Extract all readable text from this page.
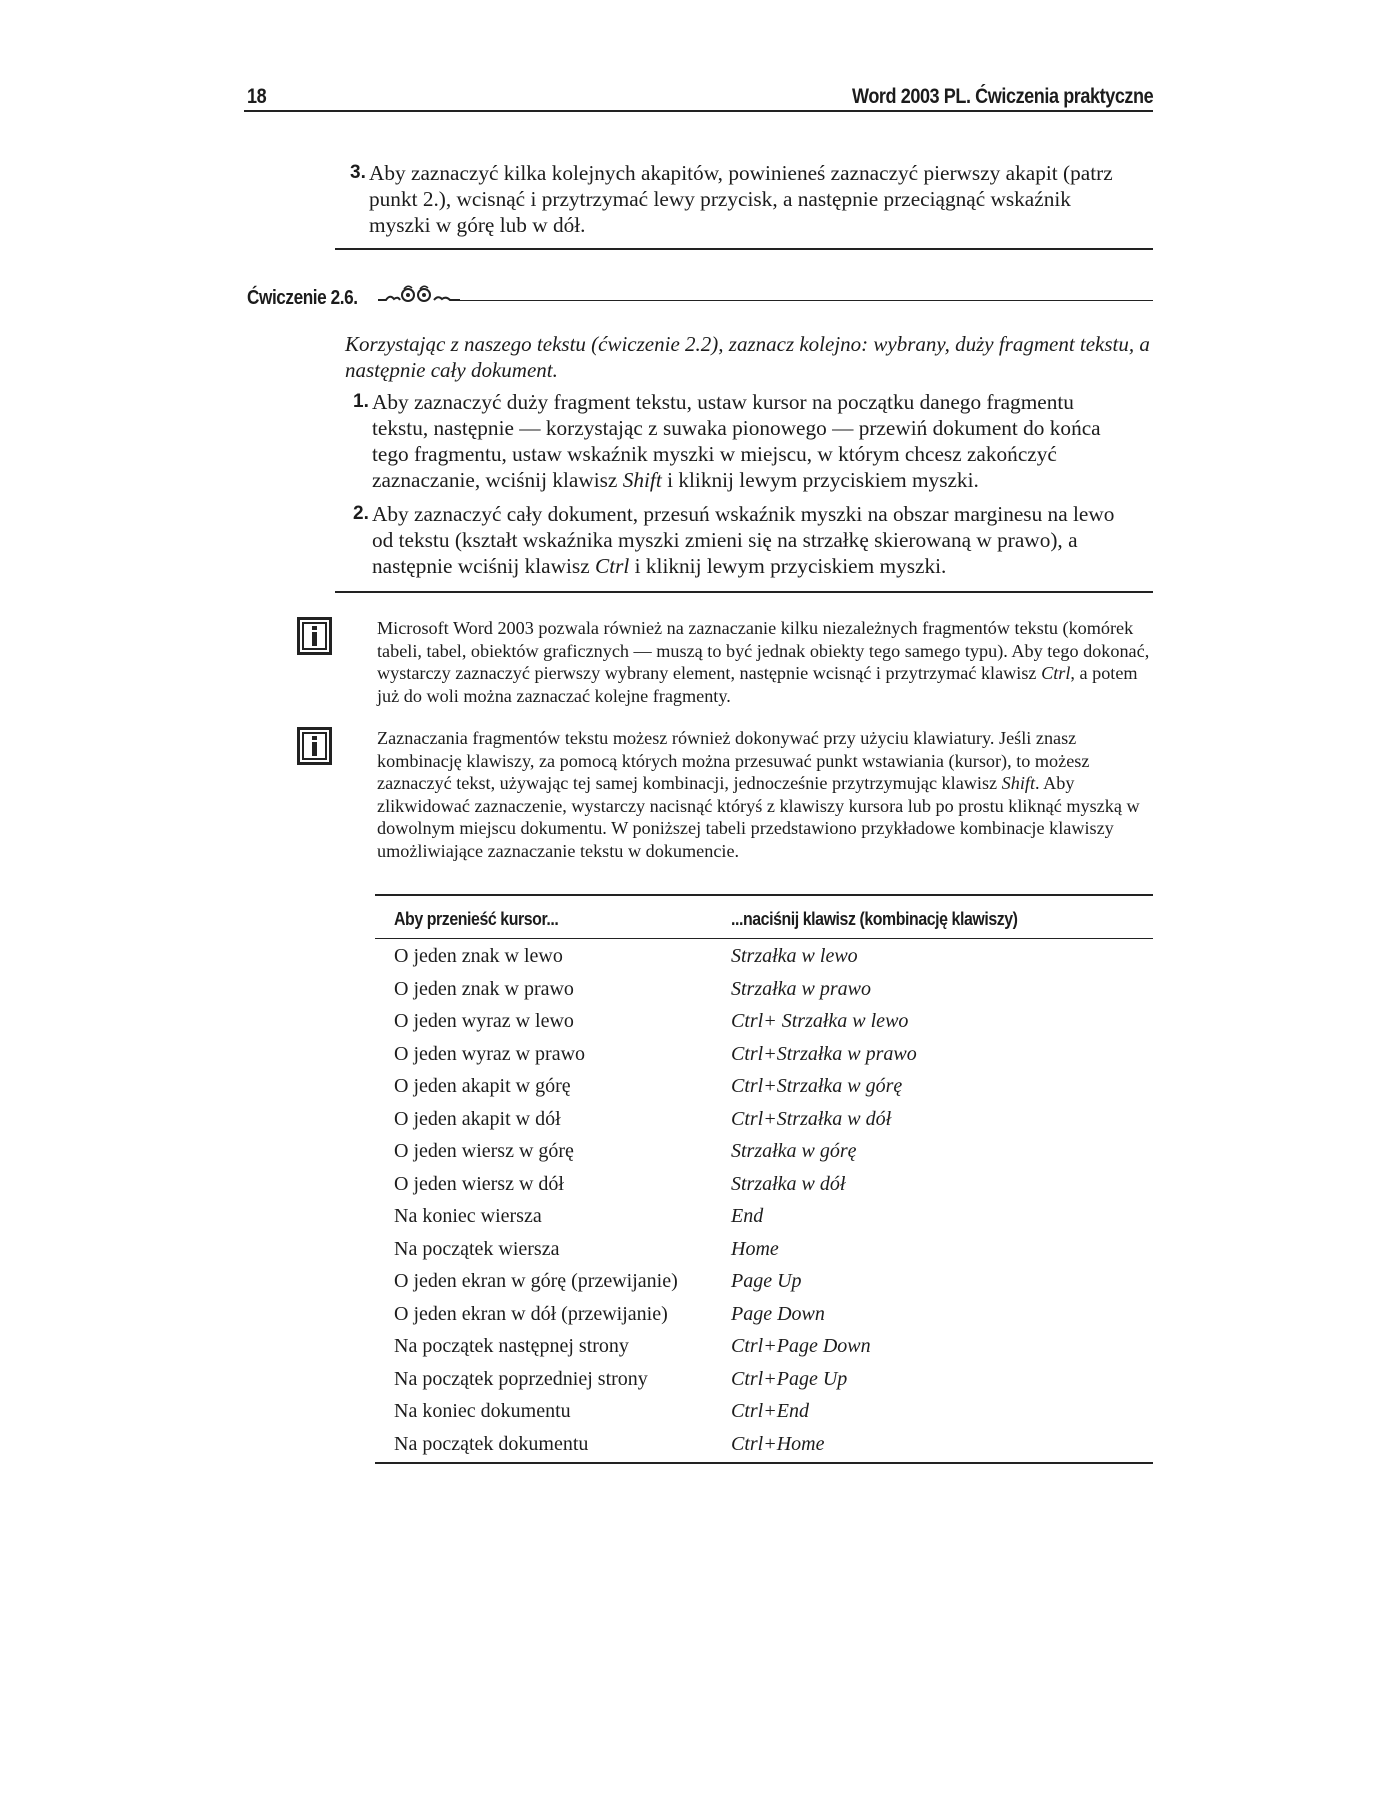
18	Word 2003 PL. Ćwiczenia praktyczne
3. Aby zaznaczyć kilka kolejnych akapitów, powinieneś zaznaczyć pierwszy akapit (patrz punkt 2.), wcisnąć i przytrzymać lewy przycisk, a następnie przeciągnąć wskaźnik myszki w górę lub w dół.

Ćwiczenie 2.6.

Korzystając z naszego tekstu (ćwiczenie 2.2), zaznacz kolejno: wybrany, duży fragment tekstu, a następnie cały dokument.

1. Aby zaznaczyć duży fragment tekstu, ustaw kursor na początku danego fragmentu tekstu, następnie — korzystając z suwaka pionowego — przewiń dokument do końca tego fragmentu, ustaw wskaźnik myszki w miejscu, w którym chcesz zakończyć zaznaczanie, wciśnij klawisz Shift i kliknij lewym przyciskiem myszki.

2. Aby zaznaczyć cały dokument, przesuń wskaźnik myszki na obszar marginesu na lewo od tekstu (kształt wskaźnika myszki zmieni się na strzałkę skierowaną w prawo), a następnie wciśnij klawisz Ctrl i kliknij lewym przyciskiem myszki.

Microsoft Word 2003 pozwala również na zaznaczanie kilku niezależnych fragmentów tekstu (komórek tabeli, tabel, obiektów graficznych — muszą to być jednak obiekty tego samego typu). Aby tego dokonać, wystarczy zaznaczyć pierwszy wybrany element, następnie wcisnąć i przytrzymać klawisz Ctrl, a potem już do woli można zaznaczać kolejne fragmenty.

Zaznaczania fragmentów tekstu możesz również dokonywać przy użyciu klawiatury. Jeśli znasz kombinację klawiszy, za pomocą których można przesuwać punkt wstawiania (kursor), to możesz zaznaczyć tekst, używając tej samej kombinacji, jednocześnie przytrzymując klawisz Shift. Aby zlikwidować zaznaczenie, wystarczy nacisnąć któryś z klawiszy kursora lub po prostu kliknąć myszką w dowolnym miejscu dokumentu. W poniższej tabeli przedstawiono przykładowe kombinacje klawiszy umożliwiające zaznaczanie tekstu w dokumencie.

Aby przenieść kursor...	...naciśnij klawisz (kombinację klawiszy)
O jeden znak w lewo	Strzałka w lewo
O jeden znak w prawo	Strzałka w prawo
O jeden wyraz w lewo	Ctrl+ Strzałka w lewo
O jeden wyraz w prawo	Ctrl+Strzałka w prawo
O jeden akapit w górę	Ctrl+Strzałka w górę
O jeden akapit w dół	Ctrl+Strzałka w dół
O jeden wiersz w górę	Strzałka w górę
O jeden wiersz w dół	Strzałka w dół
Na koniec wiersza	End
Na początek wiersza	Home
O jeden ekran w górę (przewijanie)	Page Up
O jeden ekran w dół (przewijanie)	Page Down
Na początek następnej strony	Ctrl+Page Down
Na początek poprzedniej strony	Ctrl+Page Up
Na koniec dokumentu	Ctrl+End
Na początek dokumentu	Ctrl+Home
